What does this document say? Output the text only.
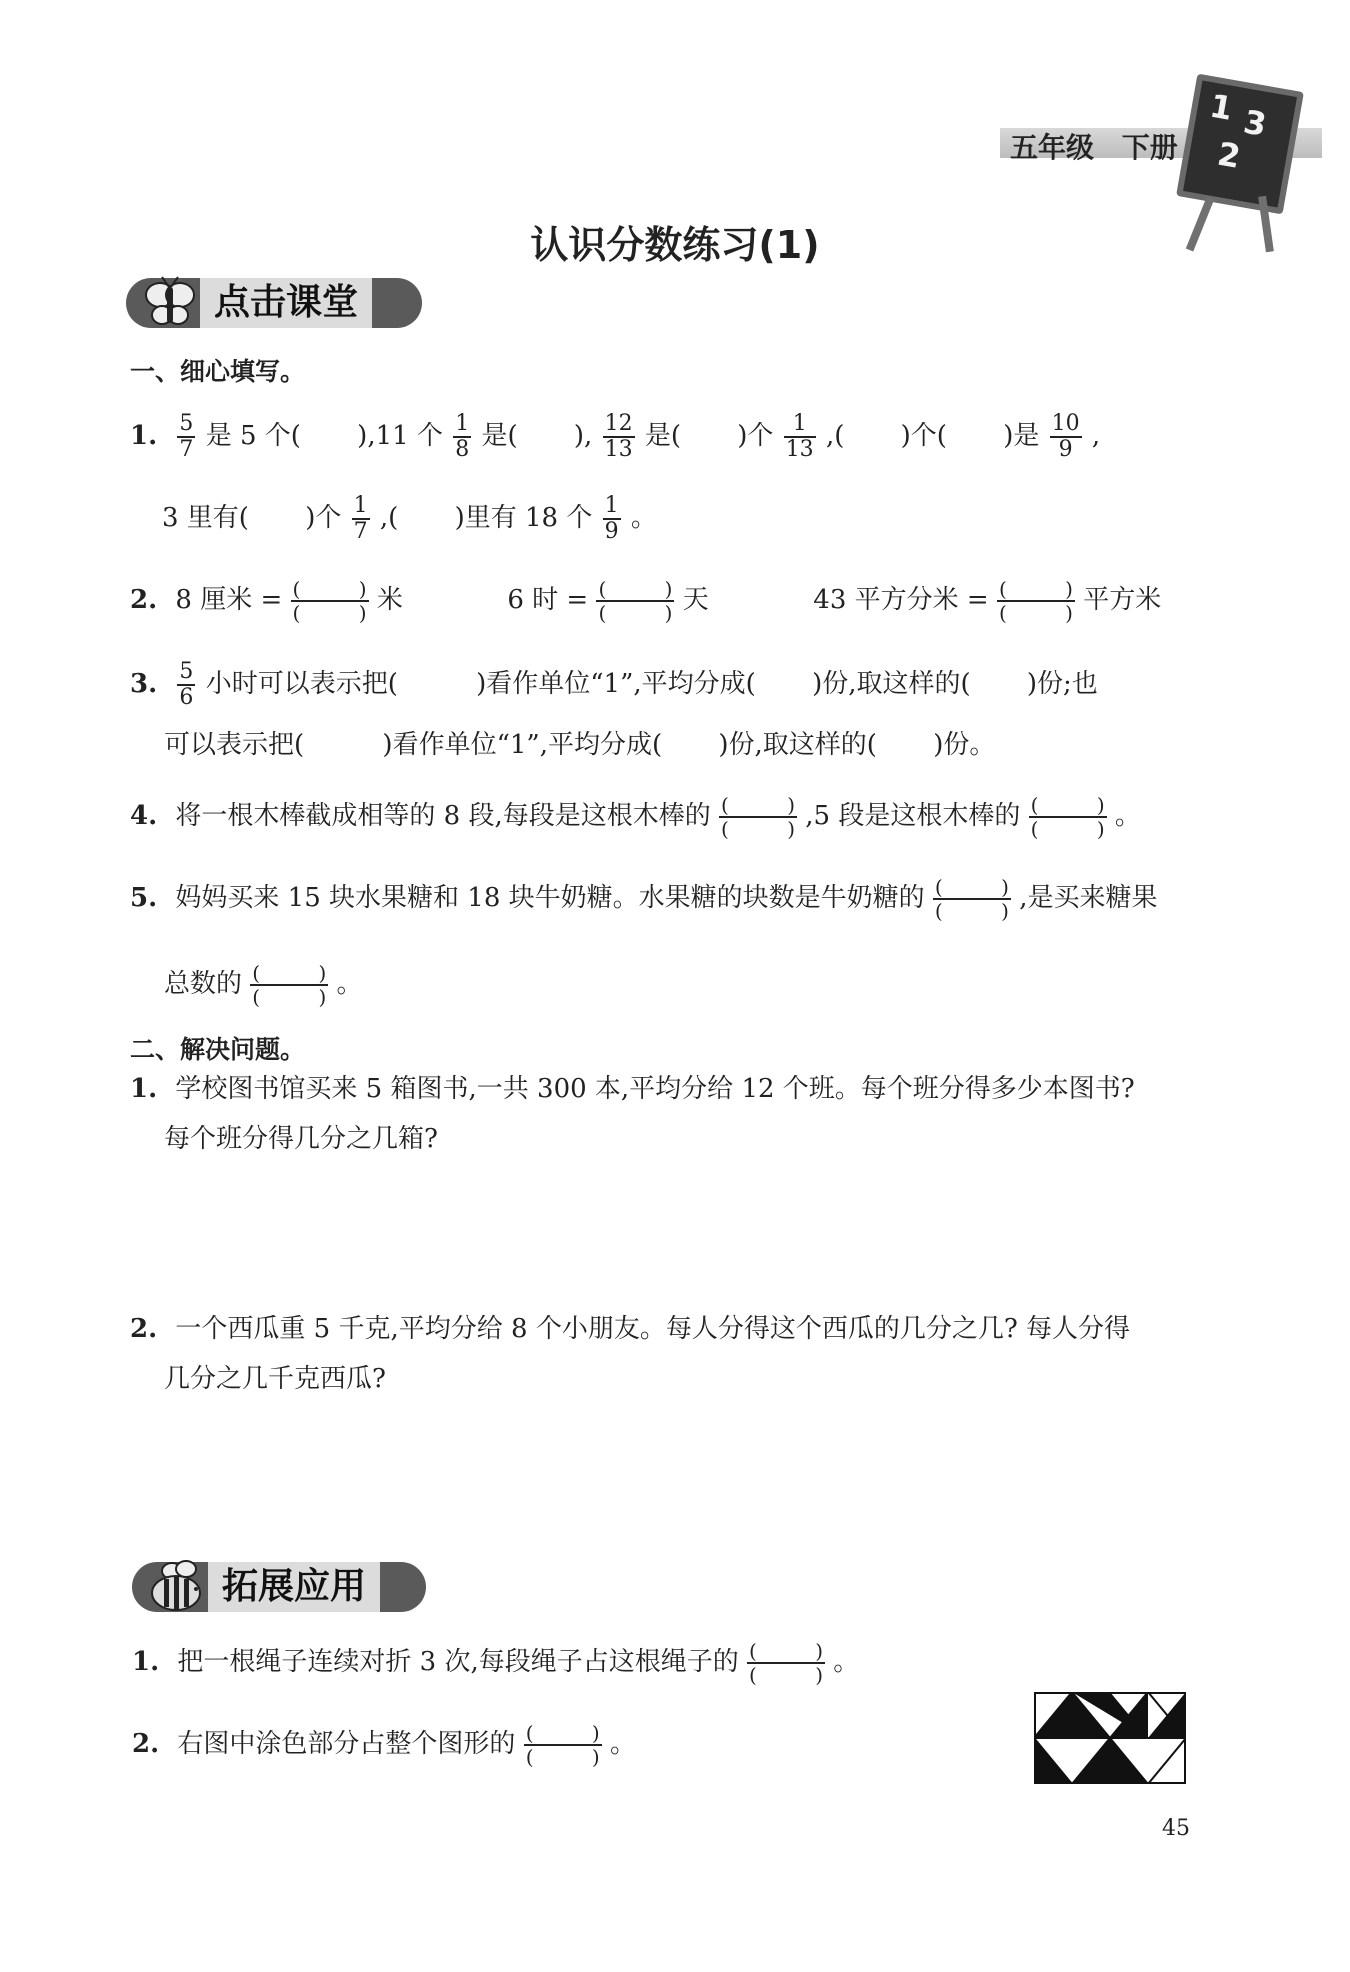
五年级 下册
1 3
2
认识分数练习(1)
点击课堂
一、细心填写。
1. $\frac{5}{7}$ 是 5 个( ),11 个 $\frac{1}{8}$ 是( ), $\frac{12}{13}$ 是( )个 $\frac{1}{13}$ ,( )个( )是 $\frac{10}{9}$ ,
3 里有( )个 $\frac{1}{7}$ ,( )里有 18 个 $\frac{1}{9}$ 。
2. 8 厘米 = (	)
(	) 米	6 时 = (	)
(	) 天	43 平方分米 = (	)
(	) 平方米
3. $\frac{5}{6}$ 小时可以表示把(	)看作单位“1”,平均分成( )份,取这样的( )份;也
可以表示把(	)看作单位“1”,平均分成( )份,取这样的( )份。
4. 将一根木棒截成相等的 8 段,每段是这根木棒的 (	)
(	) ,5 段是这根木棒的 (	)
(	) 。
5. 妈妈买来 15 块水果糖和 18 块牛奶糖。水果糖的块数是牛奶糖的 (	)
(	) ,是买来糖果
总数的 (	)
(	) 。
二、解决问题。
1. 学校图书馆买来 5 箱图书,一共 300 本,平均分给 12 个班。每个班分得多少本图书?
每个班分得几分之几箱?
2. 一个西瓜重 5 千克,平均分给 8 个小朋友。每人分得这个西瓜的几分之几? 每人分得
几分之几千克西瓜?
拓展应用
1. 把一根绳子连续对折 3 次,每段绳子占这根绳子的 (	)
(	) 。
2. 右图中涂色部分占整个图形的 (	)
(	) 。
45
